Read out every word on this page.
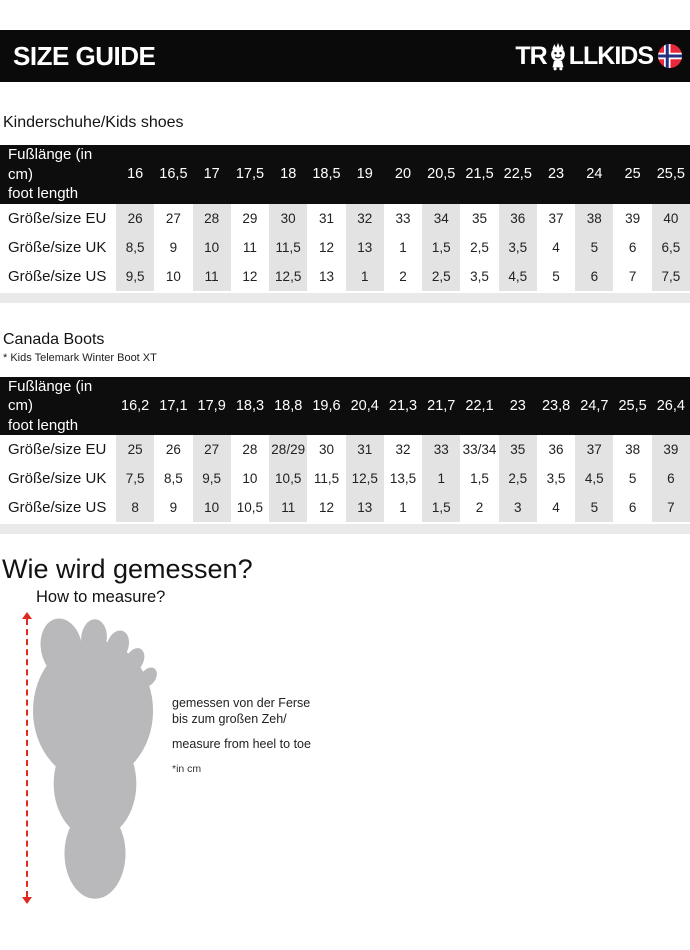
SIZE GUIDE	TR LLKIDS
Kinderschuhe/Kids shoes
Fußlänge (in cm)
foot length	16	16,5	17	17,5	18	18,5	19	20	20,5	21,5	22,5	23	24	25	25,5
Größe/size EU	26	27	28	29	30	31	32	33	34	35	36	37	38	39	40
Größe/size UK	8,5	9	10	11	11,5	12	13	1	1,5	2,5	3,5	4	5	6	6,5
Größe/size US	9,5	10	11	12	12,5	13	1	2	2,5	3,5	4,5	5	6	7	7,5
Canada Boots
* Kids Telemark Winter Boot XT
Fußlänge (in cm)
foot length	16,2	17,1	17,9	18,3	18,8	19,6	20,4	21,3	21,7	22,1	23	23,8	24,7	25,5	26,4
Größe/size EU	25	26	27	28	28/29	30	31	32	33	33/34	35	36	37	38	39
Größe/size UK	7,5	8,5	9,5	10	10,5	11,5	12,5	13,5	1	1,5	2,5	3,5	4,5	5	6
Größe/size US	8	9	10	10,5	11	12	13	1	1,5	2	3	4	5	6	7
Wie wird gemessen?
How to measure?
gemessen von der Ferse
bis zum großen Zeh/
measure from heel to toe
*in cm
